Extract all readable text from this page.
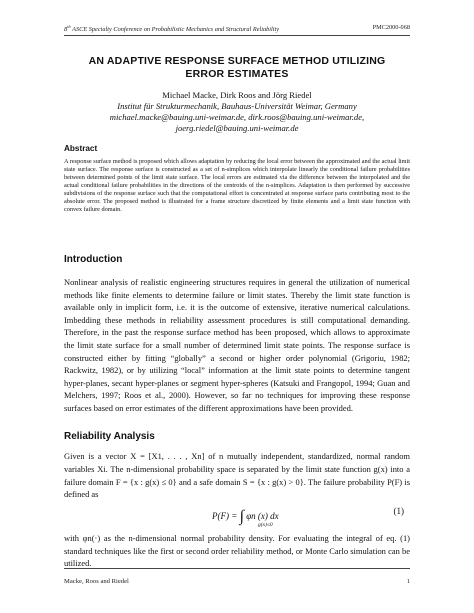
8th ASCE Specialty Conference on Probabilistic Mechanics and Structural Reliability	PMC2000-068
AN ADAPTIVE RESPONSE SURFACE METHOD UTILIZING
ERROR ESTIMATES
Michael Macke, Dirk Roos and Jörg Riedel
Institut für Strukturmechanik, Bauhaus-Universität Weimar, Germany
michael.macke@bauing.uni-weimar.de, dirk.roos@bauing.uni-weimar.de,
joerg.riedel@bauing.uni-weimar.de
Abstract
A response surface method is proposed which allows adaptation by reducing the local error between the approximated and the actual limit state surface. The response surface is constructed as a set of n-simplices which interpolate linearly the conditional failure probabilities between determined points of the limit state surface. The local errors are estimated via the difference between the interpolated and the actual conditional failure probabilities in the directions of the centroids of the n-simplices. Adaptation is then performed by successive subdivisions of the response surface such that the computational effort is concentrated at response surface parts contributing most to the absolute error. The proposed method is illustrated for a frame structure discretized by finite elements and a limit state function with convex failure domain.
Introduction
Nonlinear analysis of realistic engineering structures requires in general the utilization of numerical methods like finite elements to determine failure or limit states. Thereby the limit state function is available only in implicit form, i.e. it is the outcome of extensive, iterative numerical calculations. Imbedding these methods in reliability assessment procedures is still computational demanding. Therefore, in the past the response surface method has been proposed, which allows to approximate the limit state surface for a small number of determined limit state points. The response surface is constructed either by fitting “globally” a second or higher order polynomial (Grigoriu, 1982; Rackwitz, 1982), or by utilizing “local” information at the limit state points to determine tangent hyper-planes, secant hyper-planes or segment hyper-spheres (Katsuki and Frangopol, 1994; Guan and Melchers, 1997; Roos et al., 2000). However, so far no techniques for improving these response surfaces based on error estimates of the different approximations have been provided.
Reliability Analysis
Given is a vector X = [X1, . . . , Xn] of n mutually independent, standardized, normal random variables Xi. The n-dimensional probability space is separated by the limit state function g(x) into a failure domain F = {x : g(x) ≤ 0} and a safe domain S = {x : g(x) > 0}. The failure probability P(F) is defined as
P(F) = ∫ φn (x) dx
g(x)≤0
(1)
with φn(·) as the n-dimensional normal probability density. For evaluating the integral of eq. (1) standard techniques like the first or second order reliability method, or Monte Carlo simulation can be utilized.
Macke, Roos and Riedel	1
